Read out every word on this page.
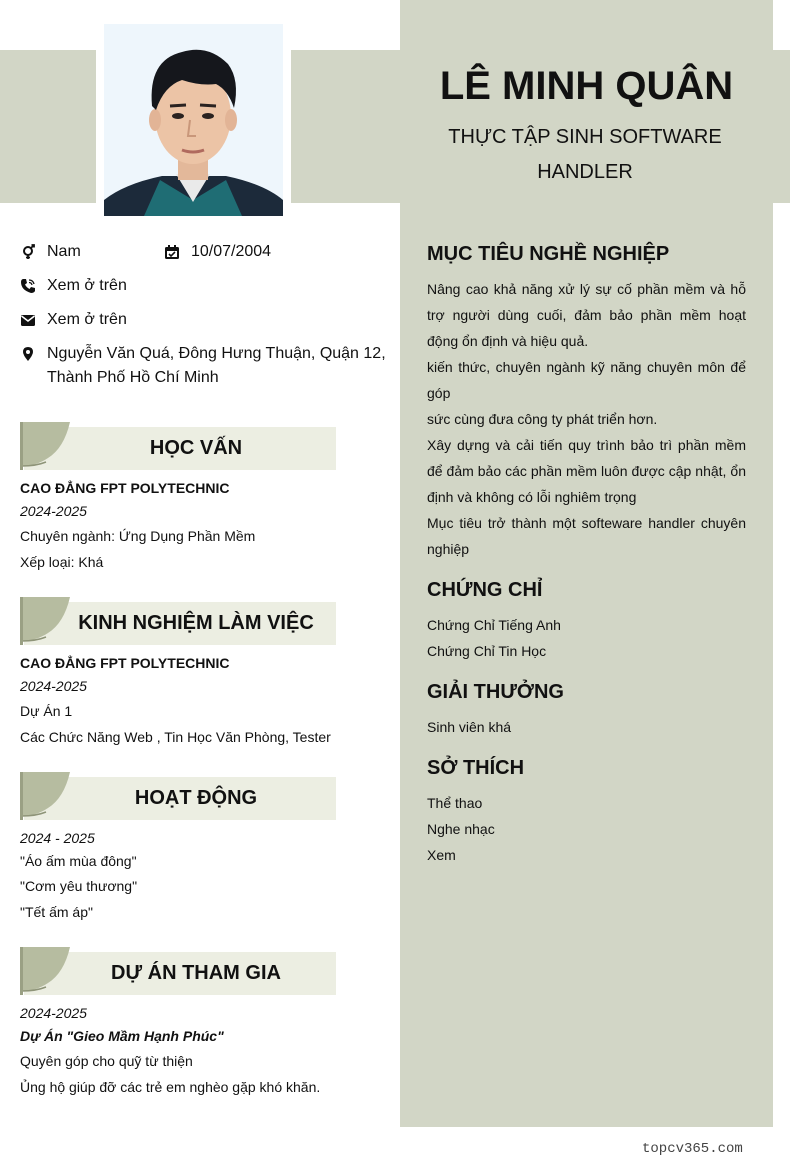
LÊ MINH QUÂN
THỰC TẬP SINH SOFTWARE
HANDLER
Nam	10/07/2004
Xem ở trên
Xem ở trên
Nguyễn Văn Quá, Đông Hưng Thuận, Quận 12,
Thành Phố Hồ Chí Minh
HỌC VẤN
CAO ĐẲNG FPT POLYTECHNIC
2024-2025
Chuyên ngành: Ứng Dụng Phần Mềm
Xếp loại: Khá
KINH NGHIỆM LÀM VIỆC
CAO ĐẲNG FPT POLYTECHNIC
2024-2025
Dự Án 1
Các Chức Năng Web , Tin Học Văn Phòng, Tester
HOẠT ĐỘNG
2024 - 2025
"Áo ấm mùa đông"
"Cơm yêu thương"
"Tết ấm áp"
DỰ ÁN THAM GIA
2024-2025
Dự Án "Gieo Mầm Hạnh Phúc"
Quyên góp cho quỹ từ thiện
Ủng hộ giúp đỡ các trẻ em nghèo gặp khó khăn.
MỤC TIÊU NGHỀ NGHIỆP

Nâng cao khả năng xử lý sự cố phần mềm và hỗ trợ người dùng cuối, đảm bảo phần mềm hoạt động ổn định và hiệu quả.

kiến thức, chuyên ngành kỹ năng chuyên môn để góp

sức cùng đưa công ty phát triển hơn.

Xây dựng và cải tiến quy trình bảo trì phần mềm để đảm bảo các phần mềm luôn được cập nhật, ổn định và không có lỗi nghiêm trọng

Mục tiêu trở thành một softeware handler chuyên nghiệp

CHỨNG CHỈ
Chứng Chỉ Tiếng Anh
Chứng Chỉ Tin Học
GIẢI THƯỞNG
Sinh viên khá
SỞ THÍCH
Thể thao
Nghe nhạc
Xem
topcv365.com
